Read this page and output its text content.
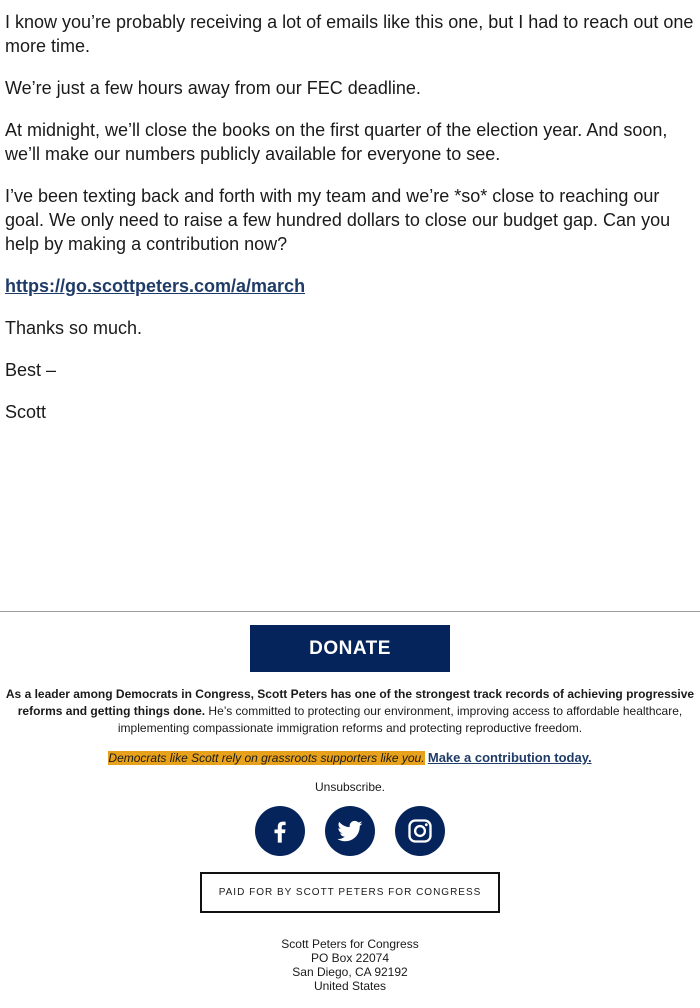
I know you’re probably receiving a lot of emails like this one, but I had to reach out one more time.

We’re just a few hours away from our FEC deadline.

At midnight, we’ll close the books on the first quarter of the election year. And soon, we’ll make our numbers publicly available for everyone to see.

I’ve been texting back and forth with my team and we’re *so* close to reaching our goal. We only need to raise a few hundred dollars to close our budget gap. Can you help by making a contribution now?

https://go.scottpeters.com/a/march

Thanks so much.

Best –

Scott

DONATE
As a leader among Democrats in Congress, Scott Peters has one of the strongest track records of achieving progressive reforms and getting things done. He’s committed to protecting our environment, improving access to affordable healthcare, implementing compassionate immigration reforms and protecting reproductive freedom.
Democrats like Scott rely on grassroots supporters like you. Make a contribution today.
Unsubscribe.
PAID FOR BY SCOTT PETERS FOR CONGRESS
Scott Peters for Congress
PO Box 22074
San Diego, CA 92192
United States
